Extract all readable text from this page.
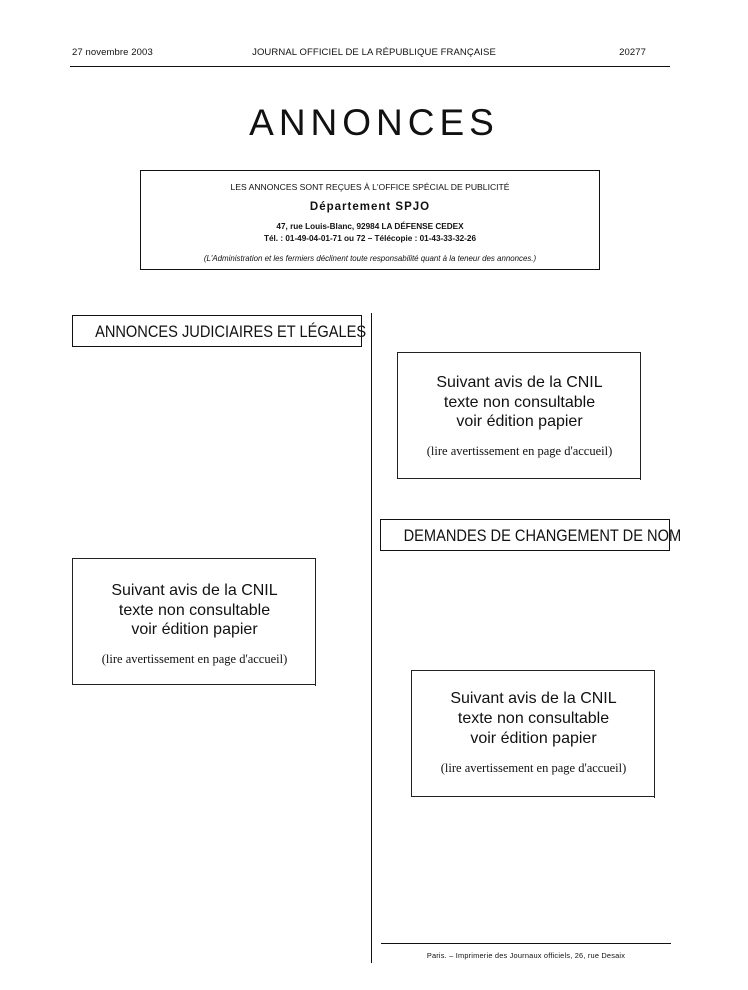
27 novembre 2003	JOURNAL OFFICIEL DE LA RÉPUBLIQUE FRANÇAISE	20277
ANNONCES
LES ANNONCES SONT REÇUES À L'OFFICE SPÉCIAL DE PUBLICITÉ
Département SPJO
47, rue Louis-Blanc, 92984 LA DÉFENSE CEDEX
Tél. : 01-49-04-01-71 ou 72 – Télécopie : 01-43-33-32-26
(L'Administration et les fermiers déclinent toute responsabilité quant à la teneur des annonces.)
ANNONCES JUDICIAIRES ET LÉGALES
Suivant avis de la CNIL
texte non consultable
voir édition papier
(lire avertissement en page d'accueil)
Suivant avis de la CNIL
texte non consultable
voir édition papier
(lire avertissement en page d'accueil)
DEMANDES DE CHANGEMENT DE NOM
Suivant avis de la CNIL
texte non consultable
voir édition papier
(lire avertissement en page d'accueil)
Paris. – Imprimerie des Journaux officiels, 26, rue Desaix
